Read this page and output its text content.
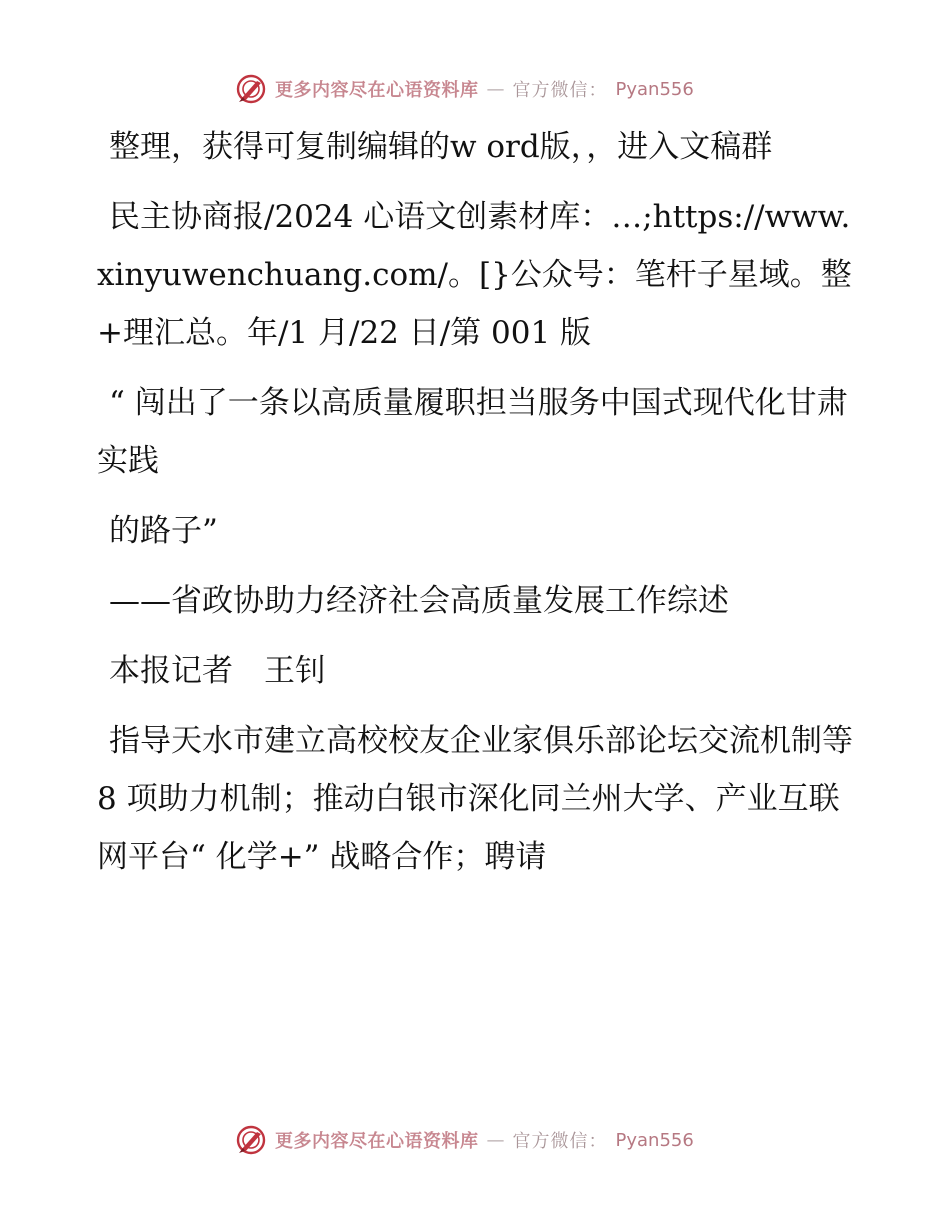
更多内容尽在心语资料库 — 官方微信： Pyan556

整理，获得可复制编辑的w ord版，，进入文稿群

民主协商报/2024 心语文创素材库：…;https://www.xinyuwenchuang.com/。[}公众号：笔杆子星域。整+理汇总。年/1 月/22 日/第 001 版

“ 闯出了一条以高质量履职担当服务中国式现代化甘肃实践

的路子”

——省政协助力经济社会高质量发展工作综述

本报记者　王钊

指导天水市建立高校校友企业家俱乐部论坛交流机制等 8 项助力机制；推动白银市深化同兰州大学、产业互联网平台“ 化学+” 战略合作；聘请

更多内容尽在心语资料库 — 官方微信： Pyan556
